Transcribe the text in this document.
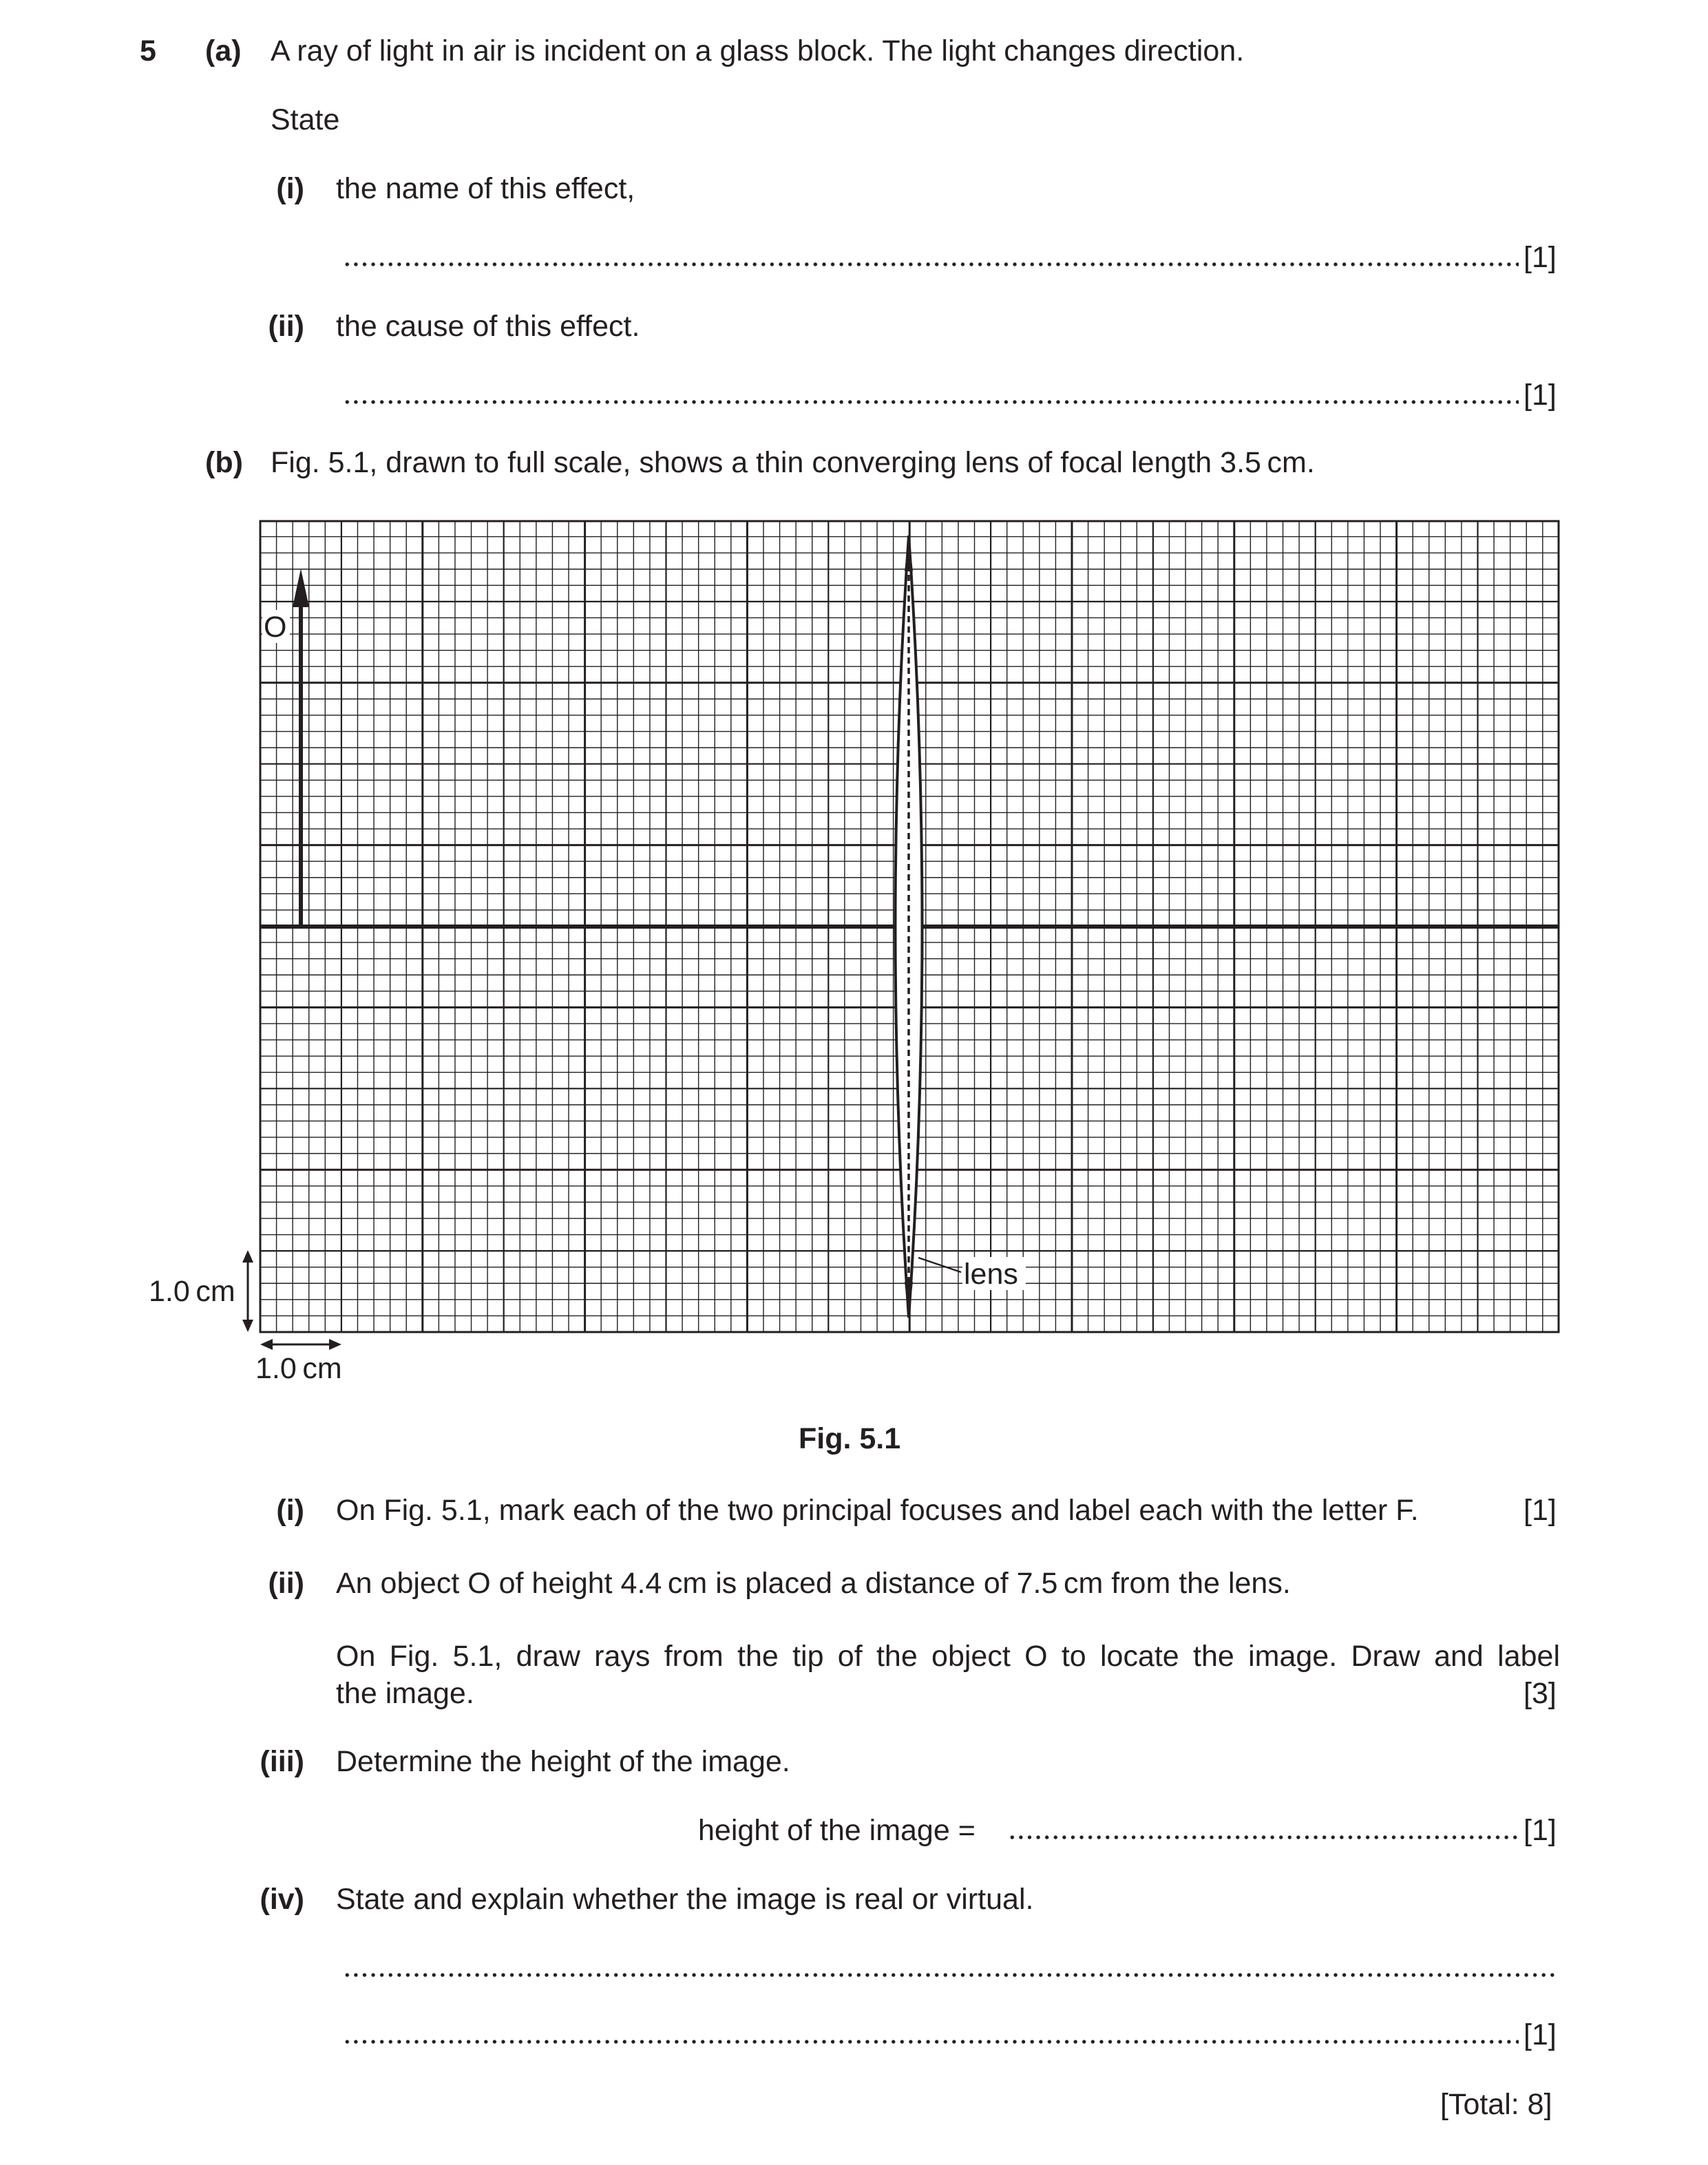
5 (a) A ray of light in air is incident on a glass block. The light changes direction.
State
(i) the name of this effect,
[1]
(ii) the cause of this effect.
[1]
(b) Fig. 5.1, drawn to full scale, shows a thin converging lens of focal length 3.5 cm.
O
lens
1.0 cm
1.0 cm
Fig. 5.1
(i) On Fig. 5.1, mark each of the two principal focuses and label each with the letter F.	[1]
(ii) An object O of height 4.4 cm is placed a distance of 7.5 cm from the lens.
On Fig. 5.1, draw rays from the tip of the object O to locate the image. Draw and label
the image.	[3]
(iii) Determine the height of the image.
height of the image =	[1]
(iv) State and explain whether the image is real or virtual.
[1]
[Total: 8]
